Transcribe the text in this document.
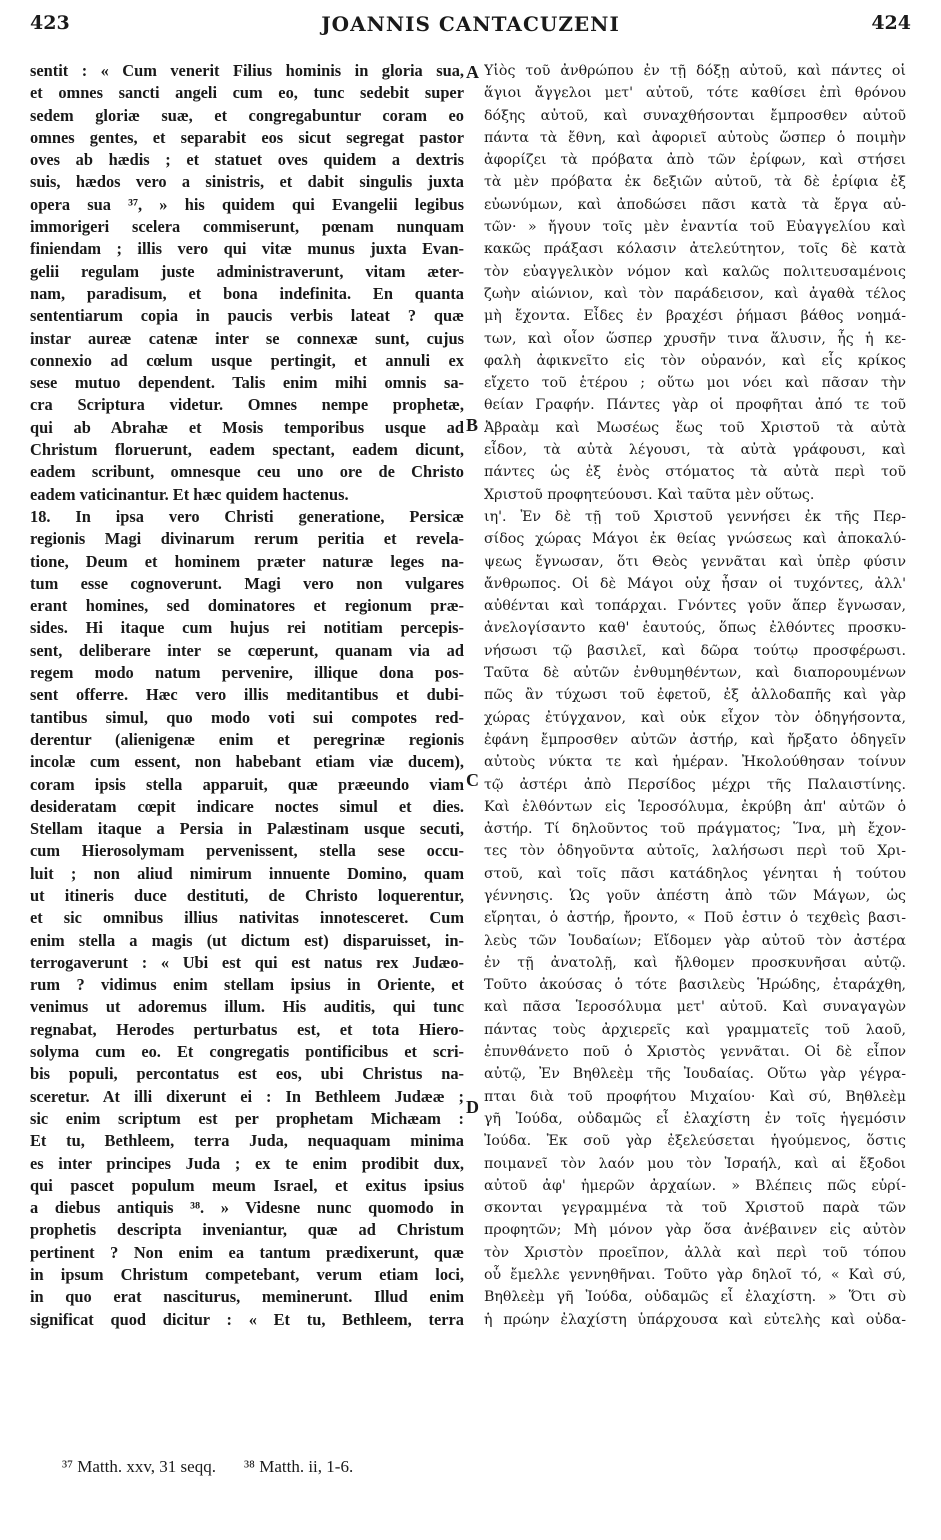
423	JOANNIS CANTACUZENI	424
sentit : « Cum venerit Filius hominis in gloria sua,
et omnes sancti angeli cum eo, tunc sedebit super
sedem gloriæ suæ, et congregabuntur coram eo
omnes gentes, et separabit eos sicut segregat pastor
oves ab hædis ; et statuet oves quidem a dextris
suis, hædos vero a sinistris, et dabit singulis juxta
opera sua ³⁷, » his quidem qui Evangelii legibus
immorigeri scelera commiserunt, pœnam nunquam
finiendam ; illis vero qui vitæ munus juxta Evan-
gelii regulam juste administraverunt, vitam æter-
nam, paradisum, et bona indefinita. En quanta
sententiarum copia in paucis verbis lateat ? quæ
instar aureæ catenæ inter se connexæ sunt, cujus
connexio ad cœlum usque pertingit, et annuli ex
sese mutuo dependent. Talis enim mihi omnis sa-
cra Scriptura videtur. Omnes nempe prophetæ,
qui ab Abrahæ et Mosis temporibus usque ad
Christum floruerunt, eadem spectant, eadem dicunt,
eadem scribunt, omnesque ceu uno ore de Christo
eadem vaticinantur. Et hæc quidem hactenus.
18. In ipsa vero Christi generatione, Persicæ
regionis Magi divinarum rerum peritia et revela-
tione, Deum et hominem præter naturæ leges na-
tum esse cognoverunt. Magi vero non vulgares
erant homines, sed dominatores et regionum præ-
sides. Hi itaque cum hujus rei notitiam percepis-
sent, deliberare inter se cœperunt, quanam via ad
regem modo natum pervenire, illique dona pos-
sent offerre. Hæc vero illis meditantibus et dubi-
tantibus simul, quo modo voti sui compotes red-
derentur (alienigenæ enim et peregrinæ regionis
incolæ cum essent, non habebant etiam viæ ducem),
coram ipsis stella apparuit, quæ præeundo viam
desideratam cœpit indicare noctes simul et dies.
Stellam itaque a Persia in Palæstinam usque secuti,
cum Hierosolymam pervenissent, stella sese occu-
luit ; non aliud nimirum innuente Domino, quam
ut itineris duce destituti, de Christo loquerentur,
et sic omnibus illius nativitas innotesceret. Cum
enim stella a magis (ut dictum est) disparuisset, in-
terrogaverunt : « Ubi est qui est natus rex Judæo-
rum ? vidimus enim stellam ipsius in Oriente, et
venimus ut adoremus illum. His auditis, qui tunc
regnabat, Herodes perturbatus est, et tota Hiero-
solyma cum eo. Et congregatis pontificibus et scri-
bis populi, percontatus est eos, ubi Christus na-
sceretur. At illi dixerunt ei : In Bethleem Judææ ;
sic enim scriptum est per prophetam Michæam :
Et tu, Bethleem, terra Juda, nequaquam minima
es inter principes Juda ; ex te enim prodibit dux,
qui pascet populum meum Israel, et exitus ipsius
a diebus antiquis ³⁸. » Videsne nunc quomodo in
prophetis descripta inveniantur, quæ ad Christum
pertinent ? Non enim ea tantum prædixerunt, quæ
in ipsum Christum competebant, verum etiam loci,
in quo erat nasciturus, meminerunt. Illud enim
significat quod dicitur : « Et tu, Bethleem, terra
Υἱὸς τοῦ ἀνθρώπου ἐν τῇ δόξῃ αὐτοῦ, καὶ πάντες οἱ
ἅγιοι ἄγγελοι μετ' αὐτοῦ, τότε καθίσει ἐπὶ θρόνου
δόξης αὐτοῦ, καὶ συναχθήσονται ἔμπροσθεν αὐτοῦ
πάντα τὰ ἔθνη, καὶ ἀφοριεῖ αὐτοὺς ὥσπερ ὁ ποιμὴν
ἀφορίζει τὰ πρόβατα ἀπὸ τῶν ἐρίφων, καὶ στήσει
τὰ μὲν πρόβατα ἐκ δεξιῶν αὐτοῦ, τὰ δὲ ἐρίφια ἐξ
εὐωνύμων, καὶ ἀποδώσει πᾶσι κατὰ τὰ ἔργα αὐ-
τῶν· » ἤγουν τοῖς μὲν ἐναντία τοῦ Εὐαγγελίου καὶ
κακῶς πράξασι κόλασιν ἀτελεύτητον, τοῖς δὲ κατὰ
τὸν εὐαγγελικὸν νόμον καὶ καλῶς πολιτευσαμένοις
ζωὴν αἰώνιον, καὶ τὸν παράδεισον, καὶ ἀγαθὰ τέλος
μὴ ἔχοντα. Εἶδες ἐν βραχέσι ῥήμασι βάθος νοημά-
των, καὶ οἷον ὥσπερ χρυσῆν τινα ἅλυσιν, ἧς ἡ κε-
φαλὴ ἀφικνεῖτο εἰς τὸν οὐρανόν, καὶ εἷς κρίκος
εἴχετο τοῦ ἑτέρου ; οὕτω μοι νόει καὶ πᾶσαν τὴν
θείαν Γραφήν. Πάντες γὰρ οἱ προφῆται ἀπό τε τοῦ
Ἀβραὰμ καὶ Μωσέως ἕως τοῦ Χριστοῦ τὰ αὐτὰ
εἶδον, τὰ αὐτὰ λέγουσι, τὰ αὐτὰ γράφουσι, καὶ
πάντες ὡς ἐξ ἑνὸς στόματος τὰ αὐτὰ περὶ τοῦ
Χριστοῦ προφητεύουσι. Καὶ ταῦτα μὲν οὕτως.
ιη'. Ἐν δὲ τῇ τοῦ Χριστοῦ γεννήσει ἐκ τῆς Περ-
σίδος χώρας Μάγοι ἐκ θείας γνώσεως καὶ ἀποκαλύ-
ψεως ἔγνωσαν, ὅτι Θεὸς γεννᾶται καὶ ὑπὲρ φύσιν
ἄνθρωπος. Οἱ δὲ Μάγοι οὐχ ἦσαν οἱ τυχόντες, ἀλλ'
αὐθένται καὶ τοπάρχαι. Γνόντες γοῦν ἅπερ ἔγνωσαν,
ἀνελογίσαντο καθ' ἑαυτούς, ὅπως ἐλθόντες προσκυ-
νήσωσι τῷ βασιλεῖ, καὶ δῶρα τούτῳ προσφέρωσι.
Ταῦτα δὲ αὐτῶν ἐνθυμηθέντων, καὶ διαπορουμένων
πῶς ἂν τύχωσι τοῦ ἐφετοῦ, ἐξ ἀλλοδαπῆς καὶ γὰρ
χώρας ἐτύγχανον, καὶ οὐκ εἶχον τὸν ὁδηγήσοντα,
ἐφάνη ἔμπροσθεν αὐτῶν ἀστήρ, καὶ ἤρξατο ὁδηγεῖν
αὐτοὺς νύκτα τε καὶ ἡμέραν. Ἠκολούθησαν τοίνυν
τῷ ἀστέρι ἀπὸ Περσίδος μέχρι τῆς Παλαιστίνης.
Καὶ ἐλθόντων εἰς Ἱεροσόλυμα, ἐκρύβη ἀπ' αὐτῶν ὁ
ἀστήρ. Τί δηλοῦντος τοῦ πράγματος; Ἵνα, μὴ ἔχον-
τες τὸν ὁδηγοῦντα αὐτοῖς, λαλήσωσι περὶ τοῦ Χρι-
στοῦ, καὶ τοῖς πᾶσι κατάδηλος γένηται ἡ τούτου
γέννησις. Ὡς γοῦν ἀπέστη ἀπὸ τῶν Μάγων, ὡς
εἴρηται, ὁ ἀστήρ, ἤροντο, « Ποῦ ἐστιν ὁ τεχθεὶς βασι-
λεὺς τῶν Ἰουδαίων; Εἴδομεν γὰρ αὐτοῦ τὸν ἀστέρα
ἐν τῇ ἀνατολῇ, καὶ ἤλθομεν προσκυνῆσαι αὐτῷ.
Τοῦτο ἀκούσας ὁ τότε βασιλεὺς Ἡρώδης, ἐταράχθη,
καὶ πᾶσα Ἱεροσόλυμα μετ' αὐτοῦ. Καὶ συναγαγὼν
πάντας τοὺς ἀρχιερεῖς καὶ γραμματεῖς τοῦ λαοῦ,
ἐπυνθάνετο ποῦ ὁ Χριστὸς γεννᾶται. Οἱ δὲ εἶπον
αὐτῷ, Ἐν Βηθλεὲμ τῆς Ἰουδαίας. Οὕτω γὰρ γέγρα-
πται διὰ τοῦ προφήτου Μιχαίου· Καὶ σύ, Βηθλεὲμ
γῆ Ἰούδα, οὐδαμῶς εἶ ἐλαχίστη ἐν τοῖς ἡγεμόσιν
Ἰούδα. Ἐκ σοῦ γὰρ ἐξελεύσεται ἡγούμενος, ὅστις
ποιμανεῖ τὸν λαόν μου τὸν Ἰσραήλ, καὶ αἱ ἔξοδοι
αὐτοῦ ἀφ' ἡμερῶν ἀρχαίων. » Βλέπεις πῶς εὑρί-
σκονται γεγραμμένα τὰ τοῦ Χριστοῦ παρὰ τῶν
προφητῶν; Μὴ μόνον γὰρ ὅσα ἀνέβαινεν εἰς αὐτὸν
τὸν Χριστὸν προεῖπον, ἀλλὰ καὶ περὶ τοῦ τόπου
οὗ ἔμελλε γεννηθῆναι. Τοῦτο γὰρ δηλοῖ τό, « Καὶ σύ,
Βηθλεὲμ γῆ Ἰούδα, οὐδαμῶς εἶ ἐλαχίστη. » Ὅτι σὺ
ἡ πρώην ἐλαχίστη ὑπάρχουσα καὶ εὐτελὴς καὶ οὐδα-
A
B
C
D
³⁷ Matth. xxv, 31 seqq. ³⁸ Matth. ii, 1-6.
